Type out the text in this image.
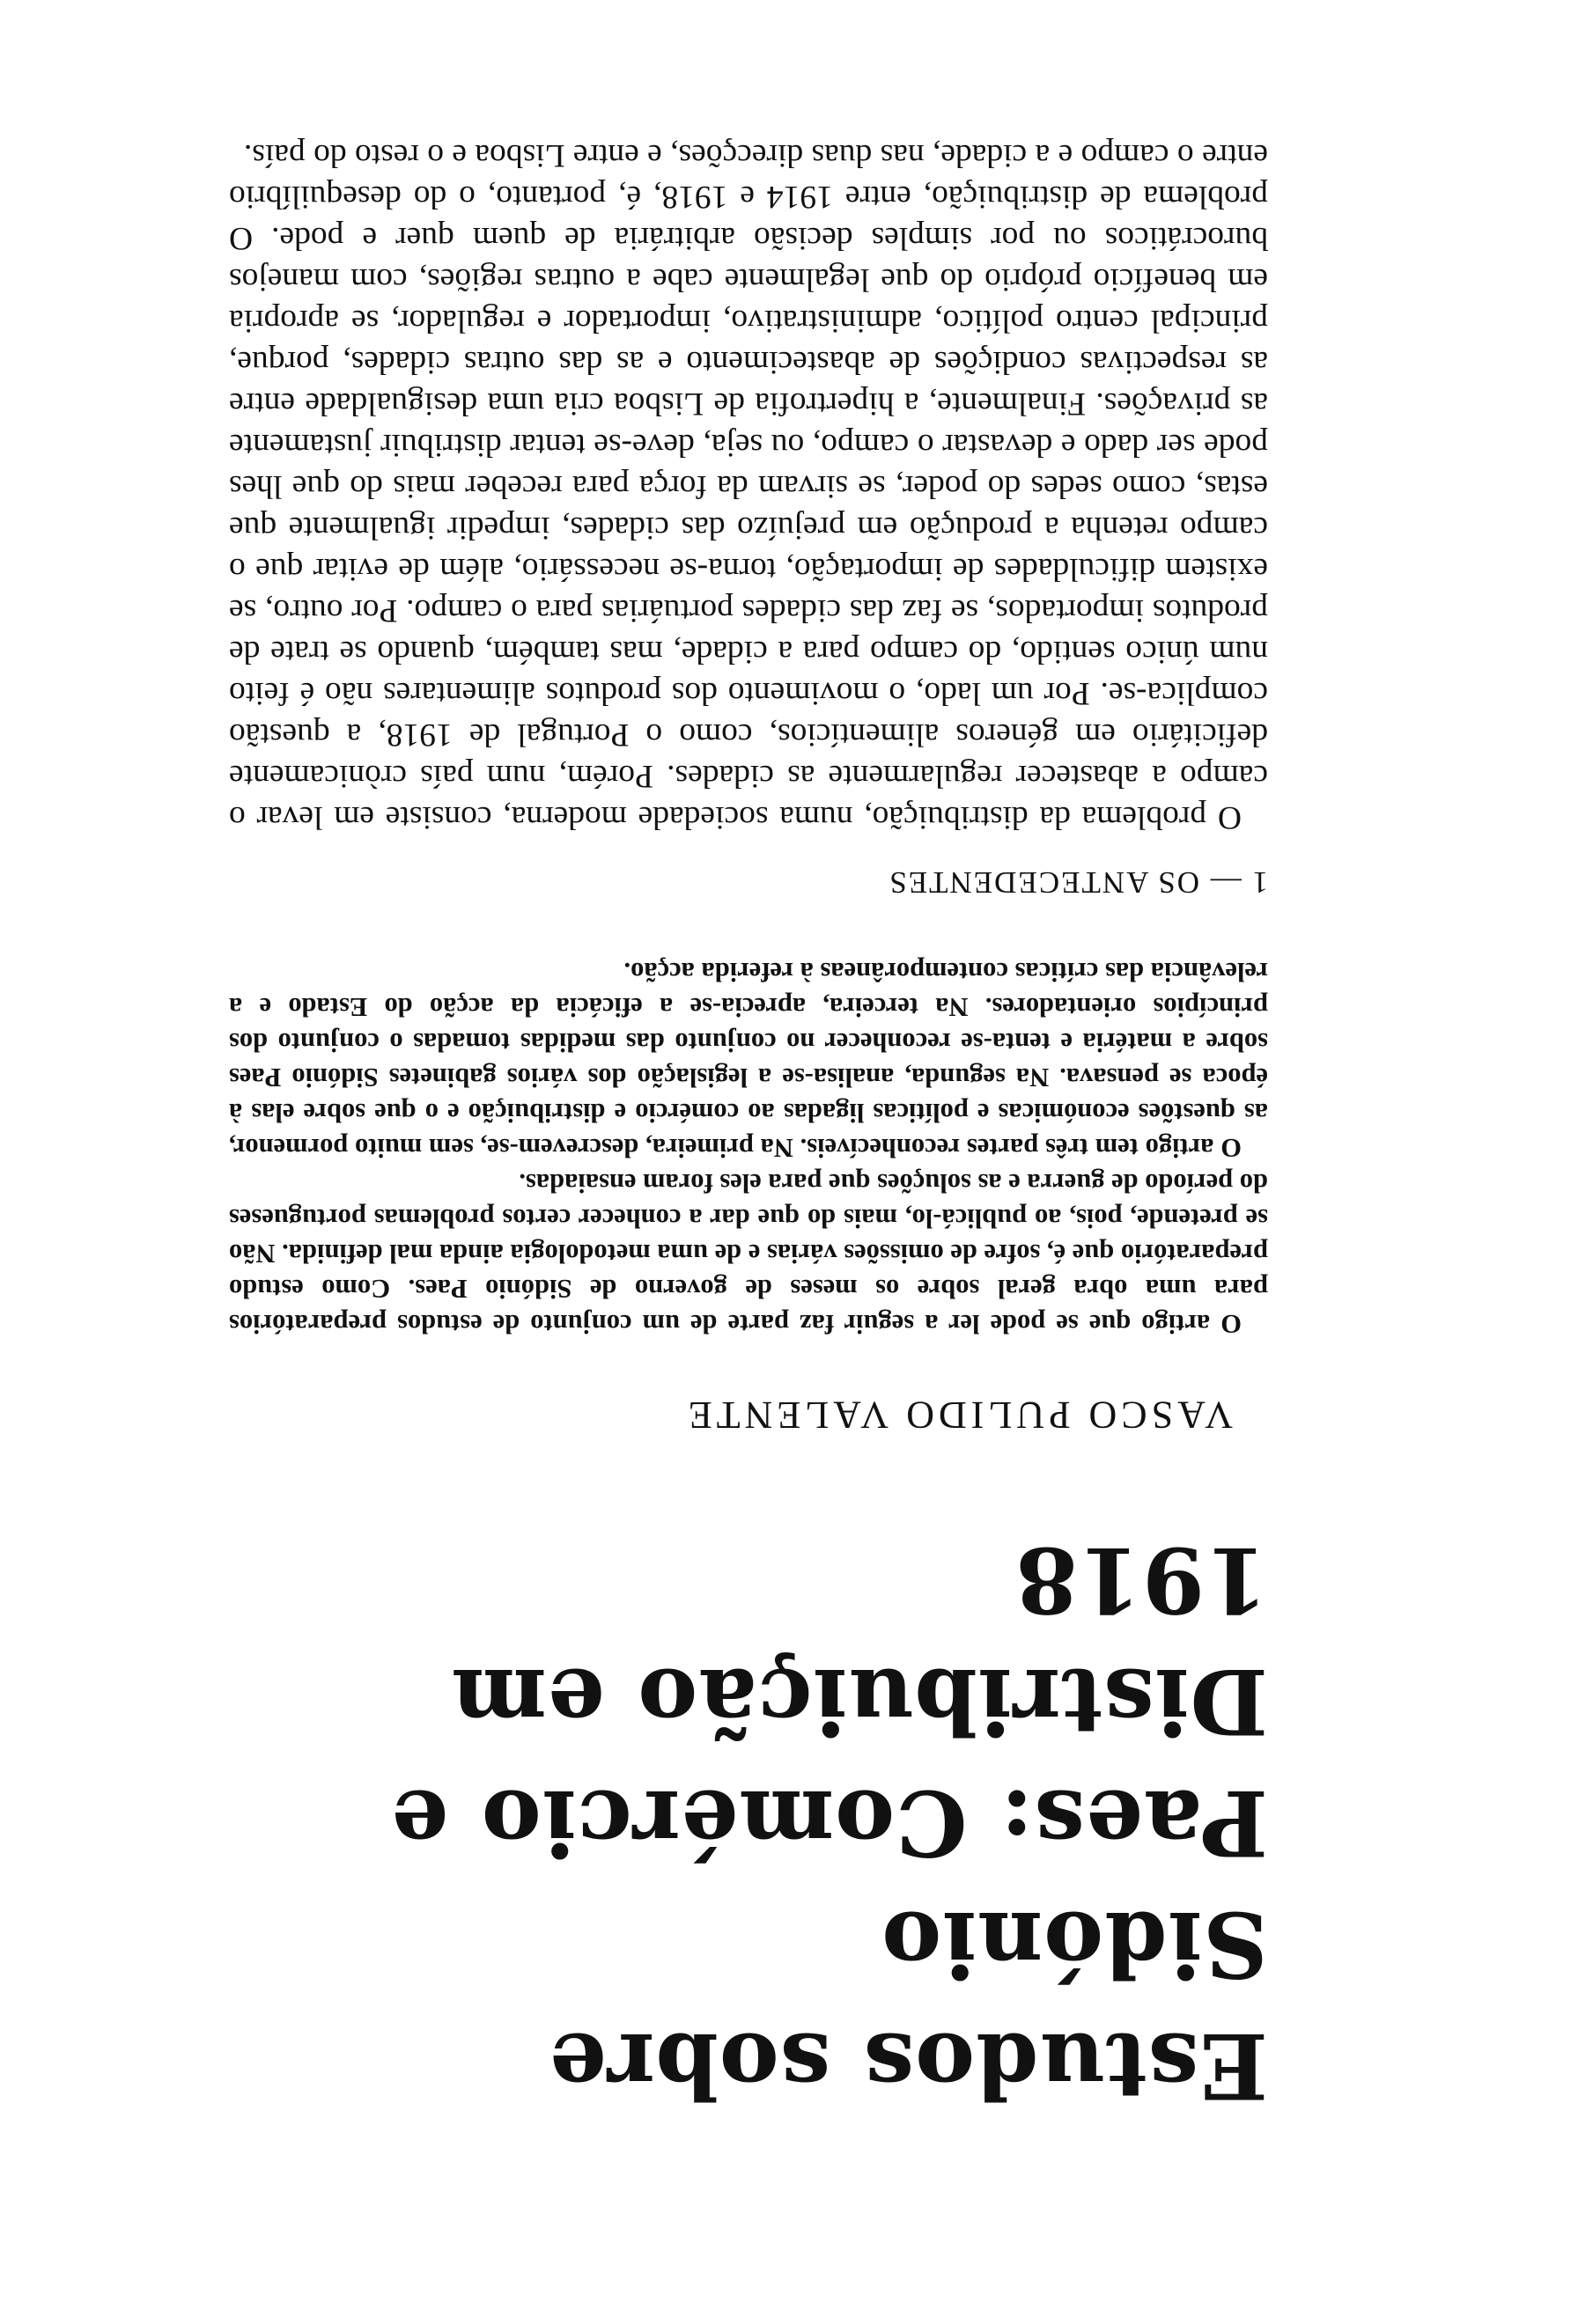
Estudos sobre Sidónio
Paes: Comércio e
Distribuição em 1918
VASCO PULIDO VALENTE

O artigo que se pode ler a seguir faz parte de um conjunto de estudos preparatórios para uma obra geral sobre os meses de governo de Sidónio Paes. Como estudo preparatório que é, sofre de omissões várias e de uma metodologia ainda mal definida. Não se pretende, pois, ao publicá-lo, mais do que dar a conhecer certos problemas portugueses do período de guerra e as soluções que para eles foram ensaiadas.

O artigo tem três partes reconhecíveis. Na primeira, descrevem-se, sem muito pormenor, as questões económicas e políticas ligadas ao comércio e distribuição e o que sobre elas à época se pensava. Na segunda, analisa-se a legislação dos vários gabinetes Sidónio Paes sobre a matéria e tenta-se reconhecer no conjunto das medidas tomadas o conjunto dos princípios orientadores. Na terceira, aprecia-se a eficácia da acção do Estado e a relevância das críticas contemporâneas à referida acção.

1 — OS ANTECEDENTES

O problema da distribuição, numa sociedade moderna, consiste em levar o campo a abastecer regularmente as cidades. Porém, num país crònicamente deficitário em géneros alimentícios, como o Portugal de 1918, a questão complica-se. Por um lado, o movimento dos produtos alimentares não é feito num único sentido, do campo para a cidade, mas também, quando se trate de produtos importados, se faz das cidades portuárias para o campo. Por outro, se existem dificuldades de importação, torna-se necessário, além de evitar que o campo retenha a produção em prejuízo das cidades, impedir igualmente que estas, como sedes do poder, se sirvam da força para receber mais do que lhes pode ser dado e devastar o campo, ou seja, deve-se tentar distribuir justamente as privações. Finalmente, a hipertrofia de Lisboa cria uma desigualdade entre as respectivas condições de abastecimento e as das outras cidades, porque, principal centro político, administrativo, importador e regulador, se apropria em benefício próprio do que legalmente cabe a outras regiões, com manejos burocráticos ou por simples decisão arbitrária de quem quer e pode. O problema de distribuição, entre 1914 e 1918, é, portanto, o do desequilíbrio entre o campo e a cidade, nas duas direcções, e entre Lisboa e o resto do país.
